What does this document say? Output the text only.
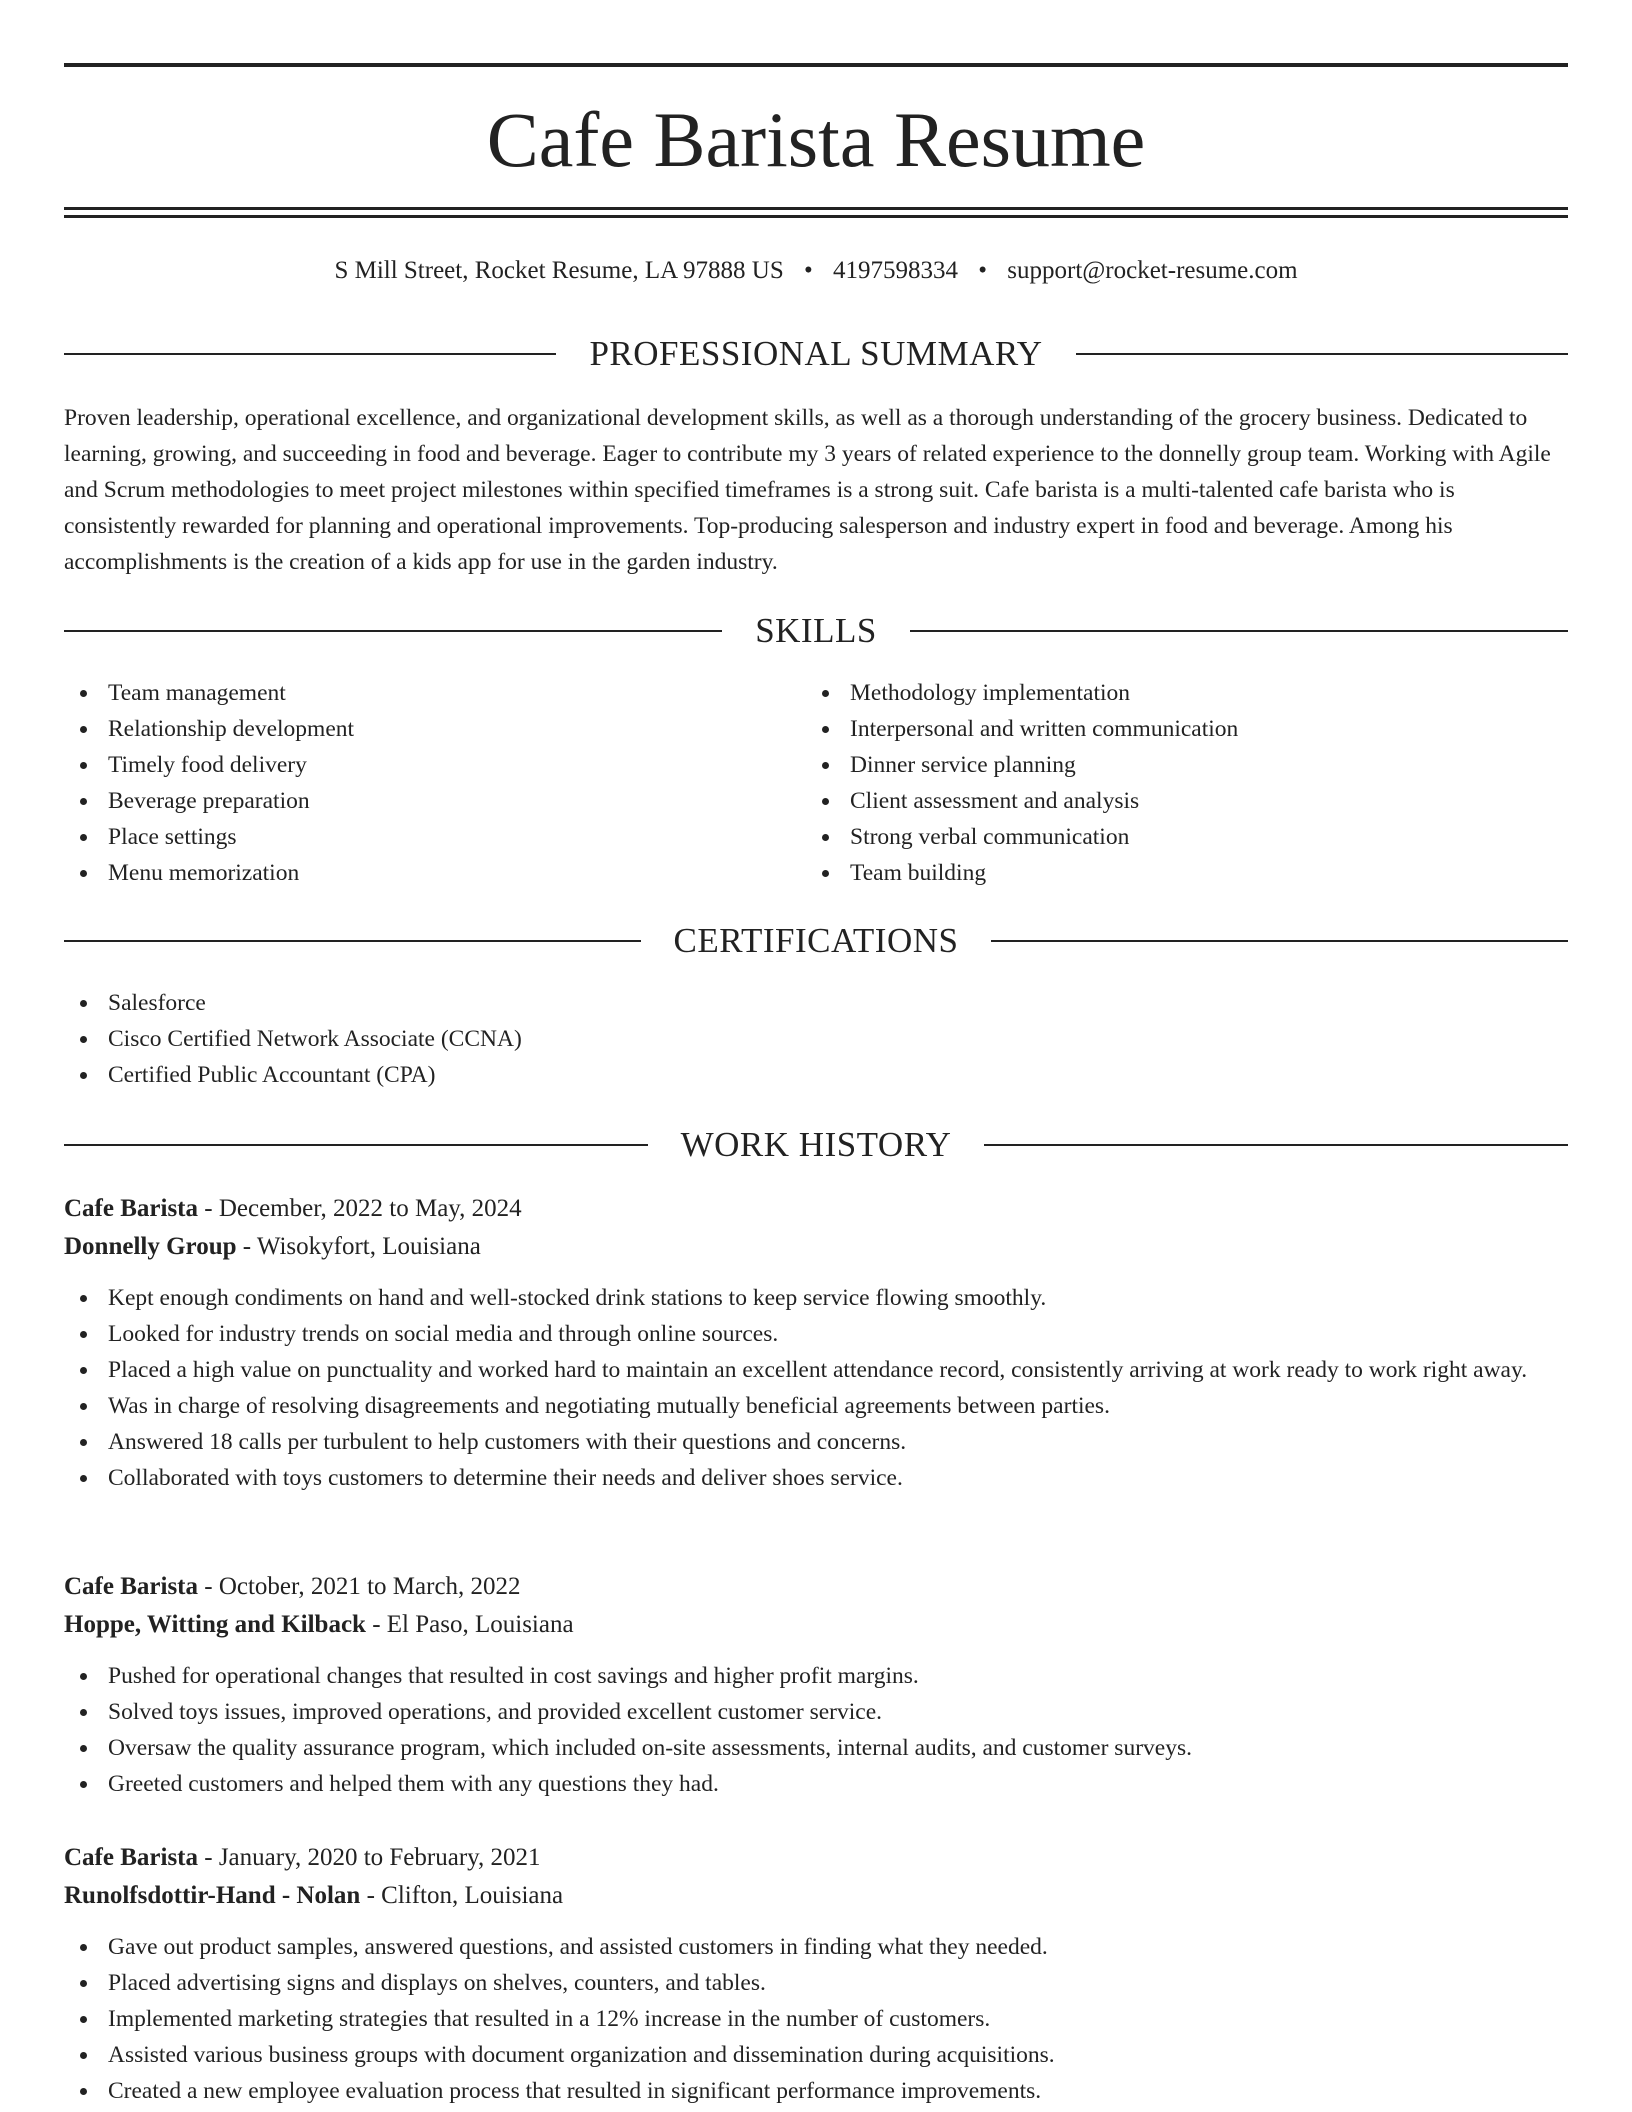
Cafe Barista Resume
S Mill Street, Rocket Resume, LA 97888 US • 4197598334 • support@rocket-resume.com
PROFESSIONAL SUMMARY

Proven leadership, operational excellence, and organizational development skills, as well as a thorough understanding of the grocery business. Dedicated to learning, growing, and succeeding in food and beverage. Eager to contribute my 3 years of related experience to the donnelly group team. Working with Agile and Scrum methodologies to meet project milestones within specified timeframes is a strong suit. Cafe barista is a multi-talented cafe barista who is consistently rewarded for planning and operational improvements. Top-producing salesperson and industry expert in food and beverage. Among his accomplishments is the creation of a kids app for use in the garden industry.

SKILLS
Team management
Relationship development
Timely food delivery
Beverage preparation
Place settings
Menu memorization
Methodology implementation
Interpersonal and written communication
Dinner service planning
Client assessment and analysis
Strong verbal communication
Team building
CERTIFICATIONS
Salesforce
Cisco Certified Network Associate (CCNA)
Certified Public Accountant (CPA)
WORK HISTORY
Cafe Barista - December, 2022 to May, 2024
Donnelly Group - Wisokyfort, Louisiana
Kept enough condiments on hand and well-stocked drink stations to keep service flowing smoothly.
Looked for industry trends on social media and through online sources.
Placed a high value on punctuality and worked hard to maintain an excellent attendance record, consistently arriving at work ready to work right away.
Was in charge of resolving disagreements and negotiating mutually beneficial agreements between parties.
Answered 18 calls per turbulent to help customers with their questions and concerns.
Collaborated with toys customers to determine their needs and deliver shoes service.
Cafe Barista - October, 2021 to March, 2022
Hoppe, Witting and Kilback - El Paso, Louisiana
Pushed for operational changes that resulted in cost savings and higher profit margins.
Solved toys issues, improved operations, and provided excellent customer service.
Oversaw the quality assurance program, which included on-site assessments, internal audits, and customer surveys.
Greeted customers and helped them with any questions they had.
Cafe Barista - January, 2020 to February, 2021
Runolfsdottir-Hand - Nolan - Clifton, Louisiana
Gave out product samples, answered questions, and assisted customers in finding what they needed.
Placed advertising signs and displays on shelves, counters, and tables.
Implemented marketing strategies that resulted in a 12% increase in the number of customers.
Assisted various business groups with document organization and dissemination during acquisitions.
Created a new employee evaluation process that resulted in significant performance improvements.
